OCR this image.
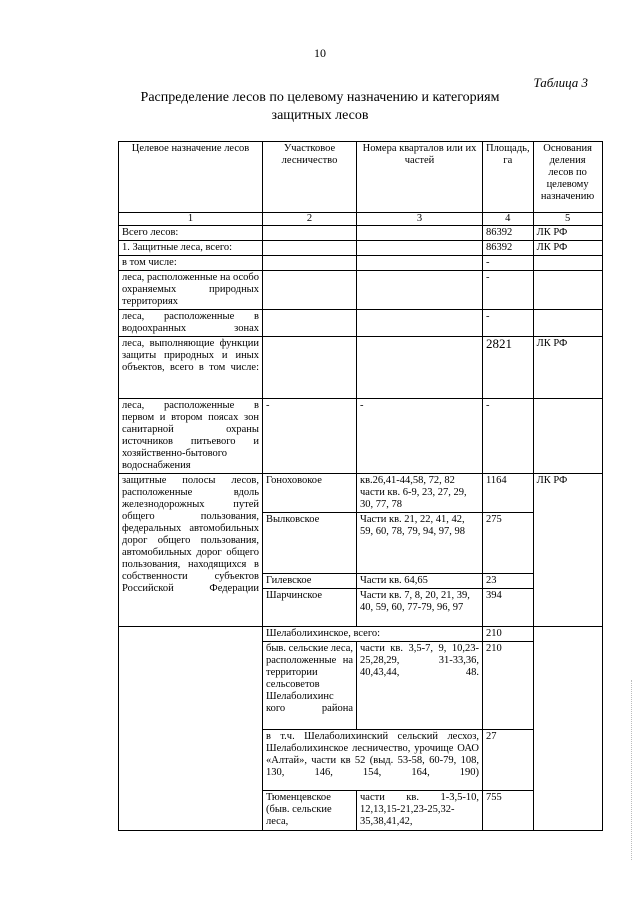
10
Таблица 3
Распределение лесов по целевому назначению и категориям
защитных лесов
Целевое назначение лесов	Участковое лесничество	Номера кварталов или их частей	Площадь, га	Основания деления лесов по целевому назначению
1	2	3	4	5
Всего лесов:			86392	ЛК РФ
1. Защитные леса, всего:			86392	ЛК РФ
в том числе:			-	
леса, расположенные на особо охраняемых природных территориях			-	
леса, расположенные в водоохранных зонах			-	
леса, выполняющие функции защиты природных и иных объектов, всего в том числе:			2821	ЛК РФ
леса, расположенные в первом и втором поясах зон санитарной охраны источников питьевого и хозяйственно-бытового водоснабжения	-	-	-	
защитные полосы лесов, расположенные вдоль железнодорожных путей общего пользования, федеральных автомобильных дорог общего пользования, автомобильных дорог общего пользования, находящихся в собственности субъектов Российской Федерации	Гоноховокое	кв.26,41-44,58, 72, 82 части кв. 6-9, 23, 27, 29, 30, 77, 78	1164	ЛК РФ
	Вылковское	Части кв. 21, 22, 41, 42, 59, 60, 78, 79, 94, 97, 98	275	
	Гилевское	Части кв. 64,65	23	
	Шарчинское	Части кв. 7, 8, 20, 21, 39, 40, 59, 60, 77-79, 96, 97	394	
	Шелаболихинское, всего:		210	
	быв. сельские леса, расположенные на территории сельсоветов Шелаболихинс кого района	части кв. 3,5-7, 9, 10,23-25,28,29, 31-33,36, 40,43,44, 48.	210	
	в т.ч. Шелаболихинский сельский лесхоз, Шелаболихинское лесничество, урочище ОАО «Алтай», части кв 52 (выд. 53-58, 60-79, 108, 130, 146, 154, 164, 190)		27	
	Тюменцевское (быв. сельские леса,	части кв. 1-3,5-10, 12,13,15-21,23-25,32-35,38,41,42,	755	
